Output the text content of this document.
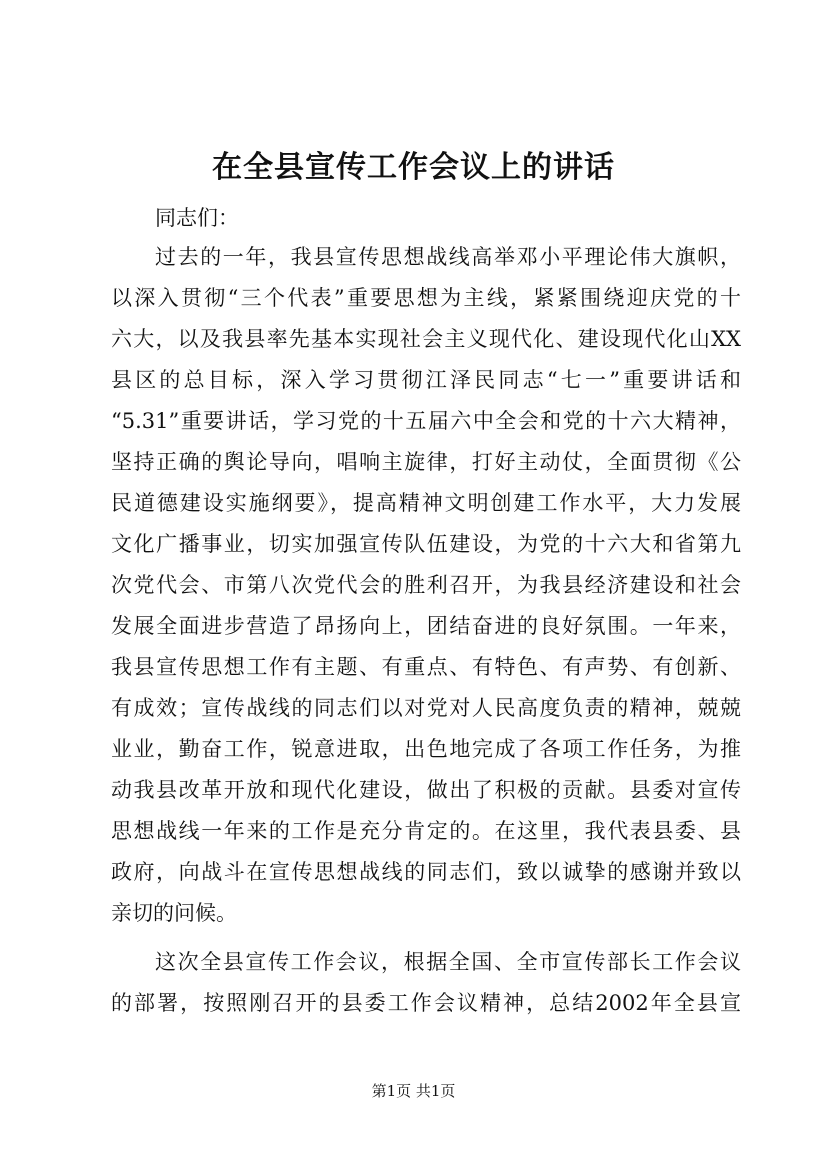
在全县宣传工作会议上的讲话

同志们：

过去的一年，我县宣传思想战线高举邓小平理论伟大旗帜，

以深入贯彻“三个代表”重要思想为主线，紧紧围绕迎庆党的十

六大，以及我县率先基本实现社会主义现代化、建设现代化山XX

县区的总目标，深入学习贯彻江泽民同志“七一”重要讲话和

“5.31”重要讲话，学习党的十五届六中全会和党的十六大精神，

坚持正确的舆论导向，唱响主旋律，打好主动仗，全面贯彻《公

民道德建设实施纲要》，提高精神文明创建工作水平，大力发展

文化广播事业，切实加强宣传队伍建设，为党的十六大和省第九

次党代会、市第八次党代会的胜利召开，为我县经济建设和社会

发展全面进步营造了昂扬向上，团结奋进的良好氛围。一年来，

我县宣传思想工作有主题、有重点、有特色、有声势、有创新、

有成效；宣传战线的同志们以对党对人民高度负责的精神，兢兢

业业，勤奋工作，锐意进取，出色地完成了各项工作任务，为推

动我县改革开放和现代化建设，做出了积极的贡献。县委对宣传

思想战线一年来的工作是充分肯定的。在这里，我代表县委、县

政府，向战斗在宣传思想战线的同志们，致以诚挚的感谢并致以

亲切的问候。

这次全县宣传工作会议，根据全国、全市宣传部长工作会议

的部署，按照刚召开的县委工作会议精神，总结2002年全县宣

第1页 共1页
